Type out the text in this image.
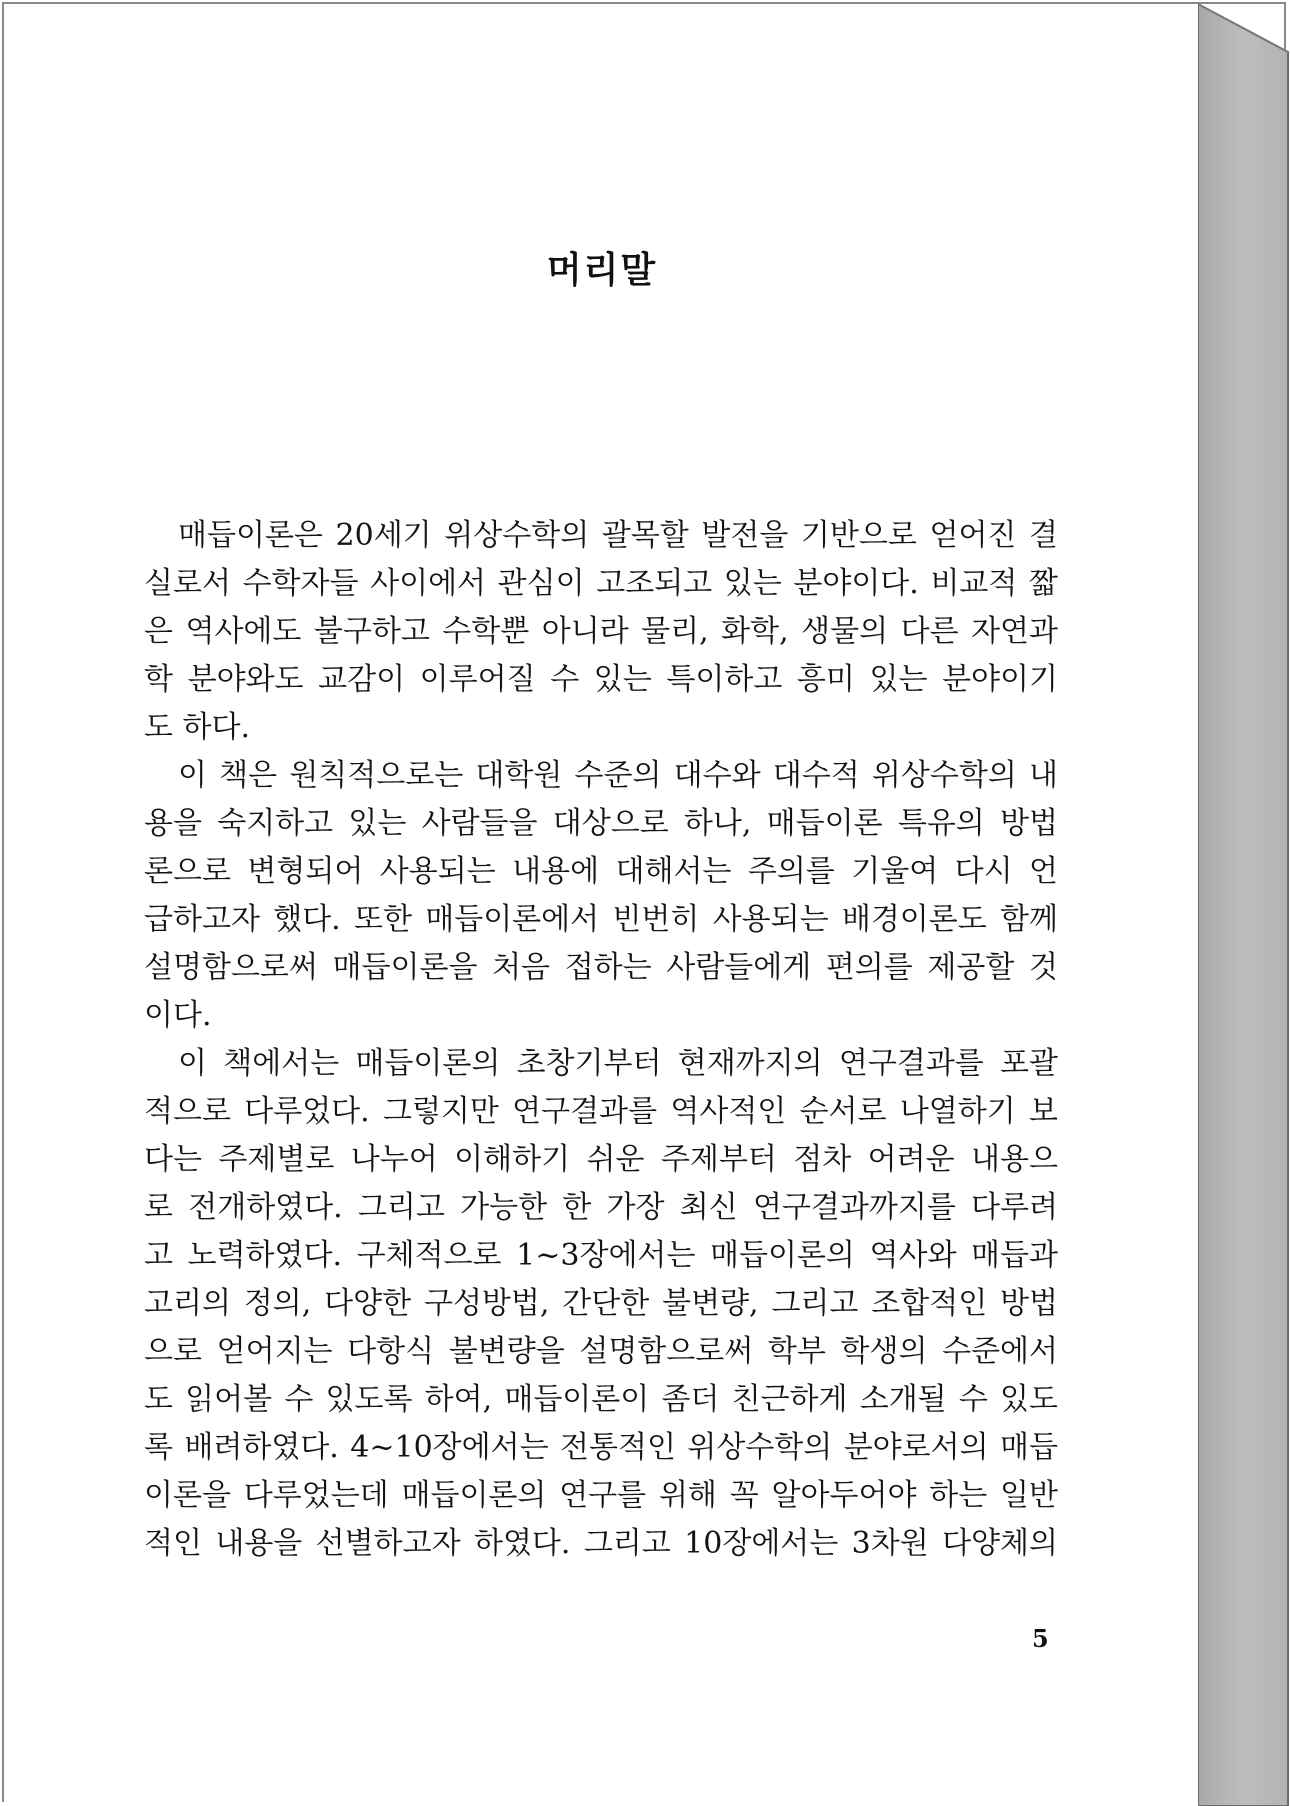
머리말

매듭이론은 20세기 위상수학의 괄목할 발전을 기반으로 얻어진 결
실로서 수학자들 사이에서 관심이 고조되고 있는 분야이다. 비교적 짧
은 역사에도 불구하고 수학뿐 아니라 물리, 화학, 생물의 다른 자연과
학 분야와도 교감이 이루어질 수 있는 특이하고 흥미 있는 분야이기
도 하다.

이 책은 원칙적으로는 대학원 수준의 대수와 대수적 위상수학의 내
용을 숙지하고 있는 사람들을 대상으로 하나, 매듭이론 특유의 방법
론으로 변형되어 사용되는 내용에 대해서는 주의를 기울여 다시 언
급하고자 했다. 또한 매듭이론에서 빈번히 사용되는 배경이론도 함께
설명함으로써 매듭이론을 처음 접하는 사람들에게 편의를 제공할 것
이다.

이 책에서는 매듭이론의 초창기부터 현재까지의 연구결과를 포괄
적으로 다루었다. 그렇지만 연구결과를 역사적인 순서로 나열하기 보
다는 주제별로 나누어 이해하기 쉬운 주제부터 점차 어려운 내용으
로 전개하였다. 그리고 가능한 한 가장 최신 연구결과까지를 다루려
고 노력하였다. 구체적으로 1~3장에서는 매듭이론의 역사와 매듭과
고리의 정의, 다양한 구성방법, 간단한 불변량, 그리고 조합적인 방법
으로 얻어지는 다항식 불변량을 설명함으로써 학부 학생의 수준에서
도 읽어볼 수 있도록 하여, 매듭이론이 좀더 친근하게 소개될 수 있도
록 배려하였다. 4~10장에서는 전통적인 위상수학의 분야로서의 매듭
이론을 다루었는데 매듭이론의 연구를 위해 꼭 알아두어야 하는 일반
적인 내용을 선별하고자 하였다. 그리고 10장에서는 3차원 다양체의

5
